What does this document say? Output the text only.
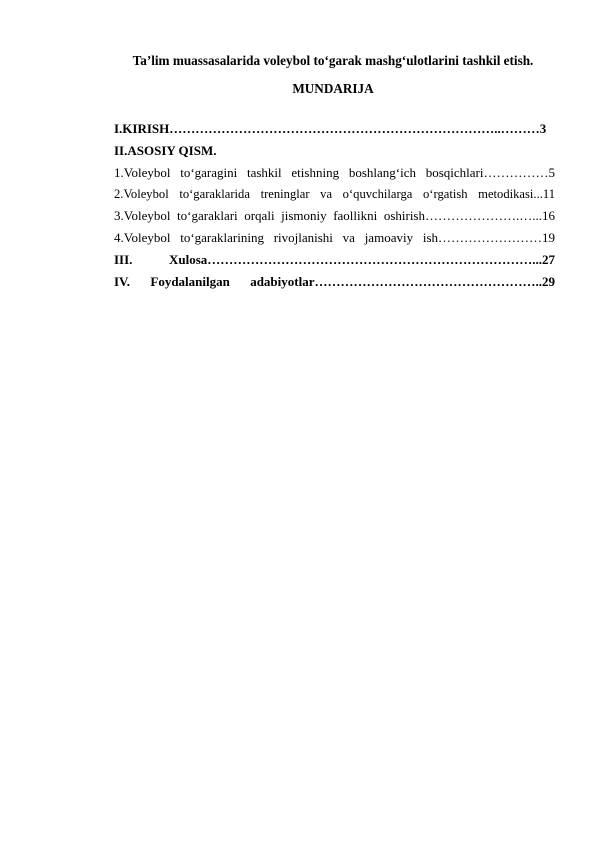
Ta’lim muassasalarida voleybol to‘garak mashg‘ulotlarini tashkil etish.
MUNDARIJA
I.KIRISH…………………………………………………………………..………3
II.ASOSIY QISM.
1.Voleybol to‘garagini tashkil etishning boshlang‘ich bosqichlari……………5
2.Voleybol to‘garaklarida treninglar va o‘quvchilarga o‘rgatish metodikasi...11
3.Voleybol to‘garaklari orqali jismoniy faollikni oshirish………………….…...16
4.Voleybol to‘garaklarining rivojlanishi va jamoaviy ish……………………19
III. Xulosa…………………………………………………………………...27
IV. Foydalanilgan adabiyotlar……………………………………………..29
